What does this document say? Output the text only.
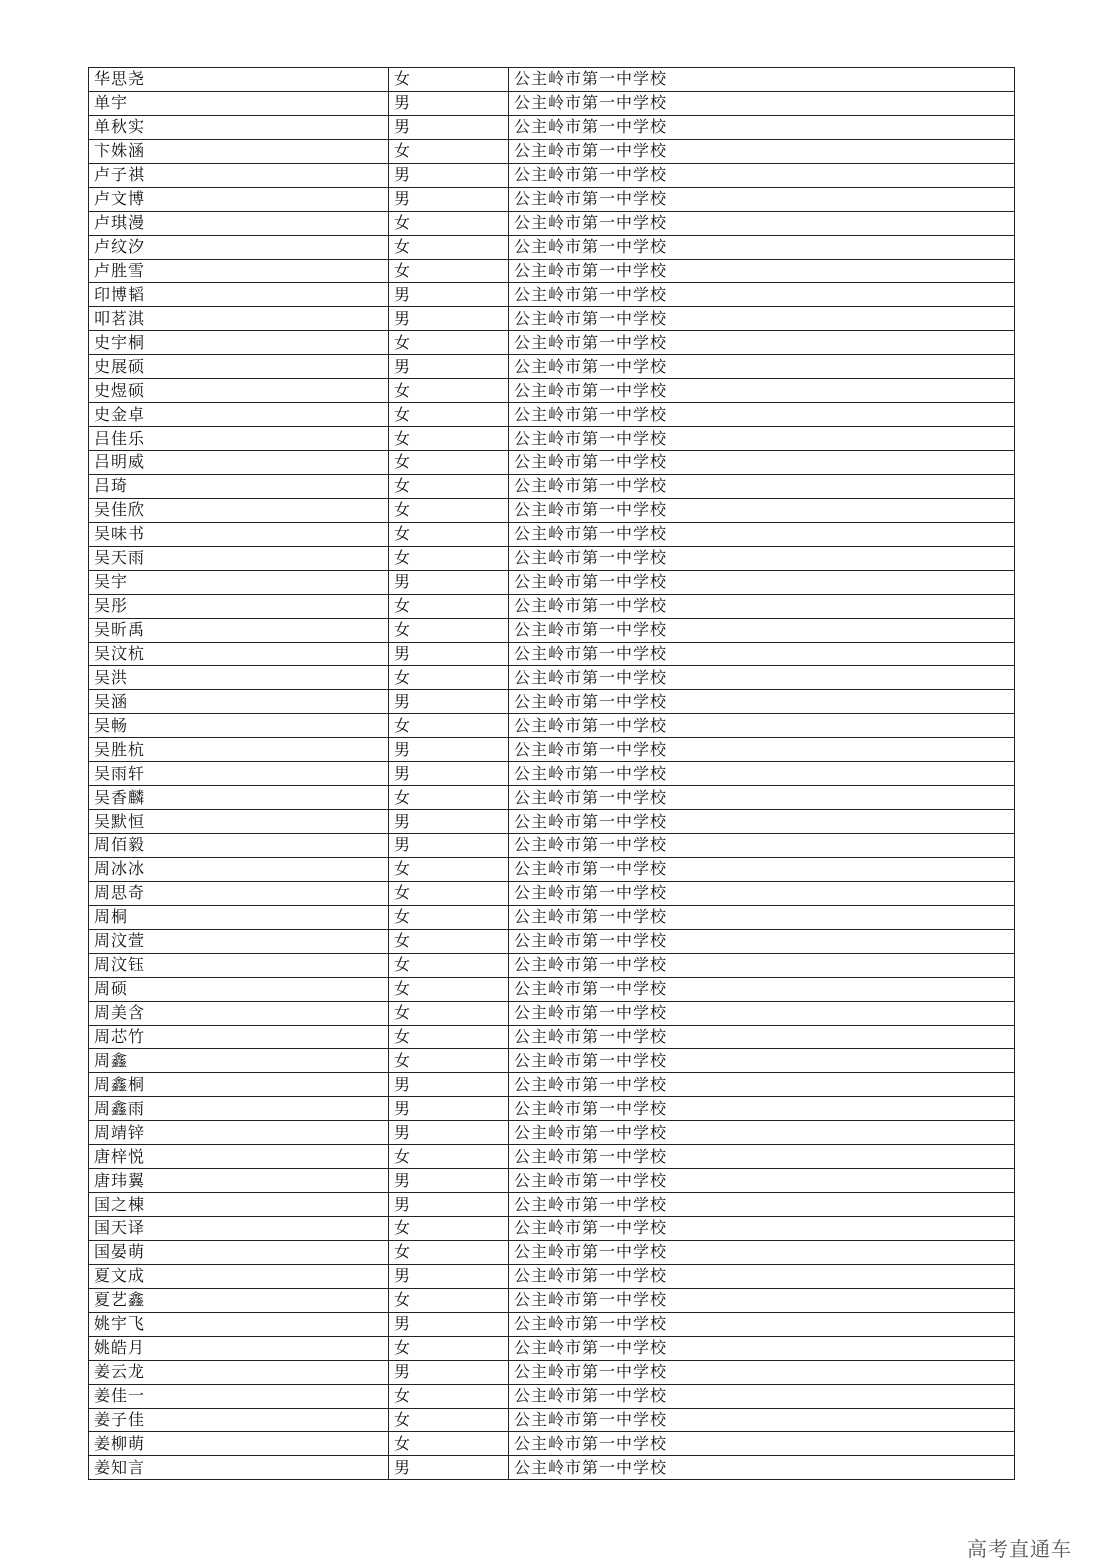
华思尧	女	公主岭市第一中学校
单宇	男	公主岭市第一中学校
单秋实	男	公主岭市第一中学校
卞姝涵	女	公主岭市第一中学校
卢子祺	男	公主岭市第一中学校
卢文博	男	公主岭市第一中学校
卢琪漫	女	公主岭市第一中学校
卢纹汐	女	公主岭市第一中学校
卢胜雪	女	公主岭市第一中学校
印博韬	男	公主岭市第一中学校
叩茗淇	男	公主岭市第一中学校
史宇桐	女	公主岭市第一中学校
史展硕	男	公主岭市第一中学校
史煜硕	女	公主岭市第一中学校
史金卓	女	公主岭市第一中学校
吕佳乐	女	公主岭市第一中学校
吕明威	女	公主岭市第一中学校
吕琦	女	公主岭市第一中学校
吴佳欣	女	公主岭市第一中学校
吴味书	女	公主岭市第一中学校
吴天雨	女	公主岭市第一中学校
吴宇	男	公主岭市第一中学校
吴彤	女	公主岭市第一中学校
吴昕禹	女	公主岭市第一中学校
吴汶杭	男	公主岭市第一中学校
吴洪	女	公主岭市第一中学校
吴涵	男	公主岭市第一中学校
吴畅	女	公主岭市第一中学校
吴胜杭	男	公主岭市第一中学校
吴雨轩	男	公主岭市第一中学校
吴香麟	女	公主岭市第一中学校
吴默恒	男	公主岭市第一中学校
周佰毅	男	公主岭市第一中学校
周冰冰	女	公主岭市第一中学校
周思奇	女	公主岭市第一中学校
周桐	女	公主岭市第一中学校
周汶萱	女	公主岭市第一中学校
周汶钰	女	公主岭市第一中学校
周硕	女	公主岭市第一中学校
周美含	女	公主岭市第一中学校
周芯竹	女	公主岭市第一中学校
周鑫	女	公主岭市第一中学校
周鑫桐	男	公主岭市第一中学校
周鑫雨	男	公主岭市第一中学校
周靖锌	男	公主岭市第一中学校
唐梓悦	女	公主岭市第一中学校
唐玮翼	男	公主岭市第一中学校
国之棟	男	公主岭市第一中学校
国天译	女	公主岭市第一中学校
国晏萌	女	公主岭市第一中学校
夏文成	男	公主岭市第一中学校
夏艺鑫	女	公主岭市第一中学校
姚宇飞	男	公主岭市第一中学校
姚皓月	女	公主岭市第一中学校
姜云龙	男	公主岭市第一中学校
姜佳一	女	公主岭市第一中学校
姜子佳	女	公主岭市第一中学校
姜柳萌	女	公主岭市第一中学校
姜知言	男	公主岭市第一中学校
高考直通车
